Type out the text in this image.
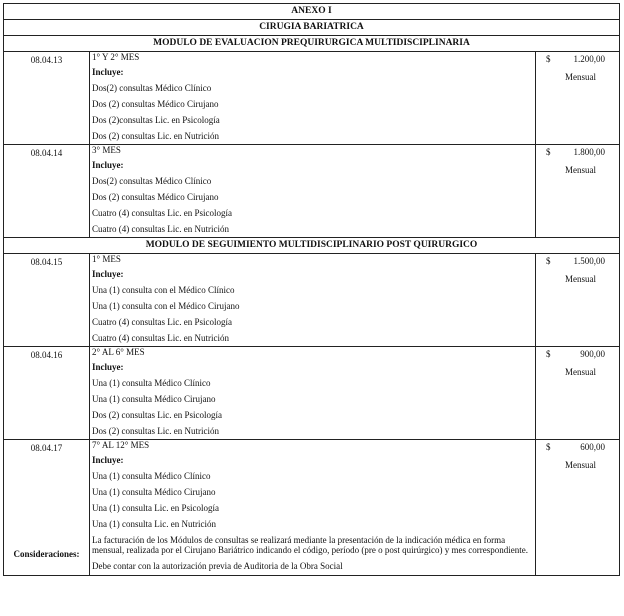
ANEXO I
CIRUGIA BARIATRICA
MODULO DE EVALUACION PREQUIRURGICA MULTIDISCIPLINARIA
08.04.13	1° Y 2° MES
Incluye:
Dos(2) consultas Médico Clínico
Dos (2) consultas Médico Cirujano
Dos (2)consultas Lic. en Psicología
Dos (2) consultas Lic. en Nutrición
$	1.200,00
Mensual
08.04.14	3° MES
Incluye:
Dos(2) consultas Médico Clínico
Dos (2) consultas Médico Cirujano
Cuatro (4) consultas Lic. en Psicología
Cuatro (4) consultas Lic. en Nutrición
$	1.800,00
Mensual
MODULO DE SEGUIMIENTO MULTIDISCIPLINARIO POST QUIRURGICO
08.04.15	1° MES
Incluye:
Una (1) consulta con el Médico Clínico
Una (1) consulta con el Médico Cirujano
Cuatro (4) consultas Lic. en Psicología
Cuatro (4) consultas Lic. en Nutrición
$	1.500,00
Mensual
08.04.16	2° AL 6° MES
Incluye:
Una (1) consulta Médico Clínico
Una (1) consulta Médico Cirujano
Dos (2) consultas Lic. en Psicología
Dos (2) consultas Lic. en Nutrición
$	900,00
Mensual
08.04.17	7° AL 12° MES
Incluye:
Una (1) consulta Médico Clínico
Una (1) consulta Médico Cirujano
Una (1) consulta Lic. en Psicología
Una (1) consulta Lic. en Nutrición
$	600,00
Mensual
Consideraciones:

La facturación de los Módulos de consultas se realizará mediante la presentación de la indicación médica en forma mensual, realizada por el Cirujano Bariátrico indicando el código, período (pre o post quirúrgico) y mes correspondiente.

Debe contar con la autorización previa de Auditoria de la Obra Social
